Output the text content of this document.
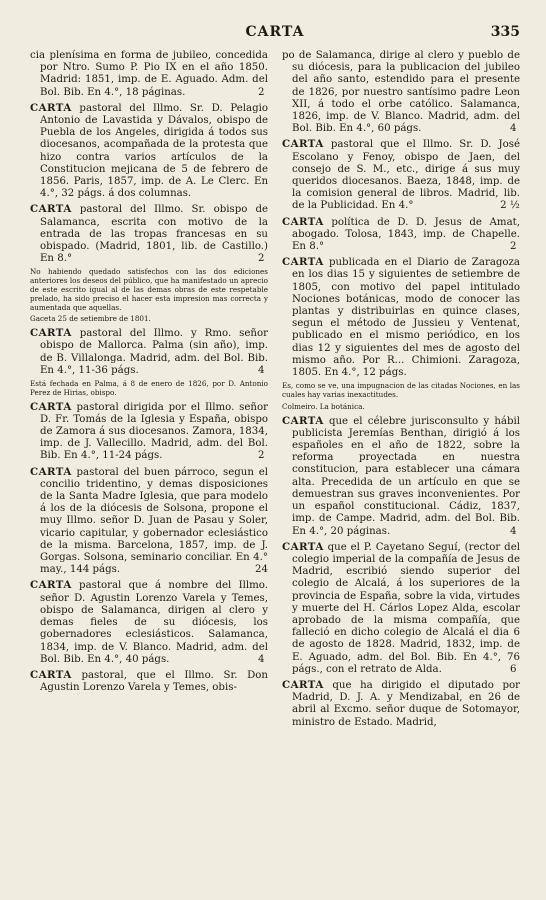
CARTA	335

cia plenísima en forma de jubileo, concedida por Ntro. Sumo P. Pio IX en el año 1850. Madrid: 1851, imp. de E. Aguado. Adm. del Bol. Bib. En 4.°, 18 páginas.	2

CARTA pastoral del Illmo. Sr. D. Pelagio Antonio de Lavastida y Dávalos, obispo de Puebla de los Angeles, dirigida á todos sus diocesanos, acompañada de la protesta que hizo contra varios artículos de la Constitucion mejicana de 5 de febrero de 1856. Paris, 1857, imp. de A. Le Clerc. En 4.°, 32 págs. á dos columnas.

CARTA pastoral del Illmo. Sr. obispo de Salamanca, escrita con motivo de la entrada de las tropas francesas en su obispado. (Madrid, 1801, lib. de Castillo.) En 8.°	2

No habiendo quedado satisfechos con las dos ediciones anteriores los deseos del público, que ha manifestado un aprecio de este escrito igual al de las demas obras de este respetable prelado, ha sido preciso el hacer esta impresion mas correcta y aumentada que aquellas.

Gaceta 25 de setiembre de 1801.

CARTA pastoral del Illmo. y Rmo. señor obispo de Mallorca. Palma (sin año), imp. de B. Villalonga. Madrid, adm. del Bol. Bib. En 4.°, 11-36 págs.	4

Está fechada en Palma, á 8 de enero de 1826, por D. Antonio Perez de Hirias, obispo.

CARTA pastoral dirigida por el Illmo. señor D. Fr. Tomás de la Iglesia y España, obispo de Zamora á sus diocesanos. Zamora, 1834, imp. de J. Vallecillo. Madrid, adm. del Bol. Bib. En 4.°, 11-24 págs.	2

CARTA pastoral del buen párroco, segun el concilio tridentino, y demas disposiciones de la Santa Madre Iglesia, que para modelo á los de la diócesis de Solsona, propone el muy Illmo. señor D. Juan de Pasau y Soler, vicario capitular, y gobernador eclesiástico de la misma. Barcelona, 1857, imp. de J. Gorgas. Solsona, seminario conciliar. En 4.° may., 144 págs.	24

CARTA pastoral que á nombre del Illmo. señor D. Agustin Lorenzo Varela y Temes, obispo de Salamanca, dirigen al clero y demas fieles de su diócesis, los gobernadores eclesiásticos. Salamanca, 1834, imp. de V. Blanco. Madrid, adm. del Bol. Bib. En 4.°, 40 págs.	4

CARTA pastoral, que el Illmo. Sr. Don Agustin Lorenzo Varela y Temes, obis-

po de Salamanca, dirige al clero y pueblo de su diócesis, para la publicacion del jubileo del año santo, estendido para el presente de 1826, por nuestro santísimo padre Leon XII, á todo el orbe católico. Salamanca, 1826, imp. de V. Blanco. Madrid, adm. del Bol. Bib. En 4.°, 60 págs.	4

CARTA pastoral que el Illmo. Sr. D. José Escolano y Fenoy, obispo de Jaen, del consejo de S. M., etc., dirige á sus muy queridos diocesanos. Baeza, 1848, imp. de la comision general de libros. Madrid, lib. de la Publicidad. En 4.°	2 ½

CARTA política de D. D. Jesus de Amat, abogado. Tolosa, 1843, imp. de Chapelle. En 8.°	2

CARTA publicada en el Diario de Zaragoza en los dias 15 y siguientes de setiembre de 1805, con motivo del papel intitulado Nociones botánicas, modo de conocer las plantas y distribuirlas en quince clases, segun el método de Jussieu y Ventenat, publicado en el mismo periódico, en los dias 12 y siguientes del mes de agosto del mismo año. Por R... Chimioni. Zaragoza, 1805. En 4.°, 12 págs.

Es, como se ve, una impugnacion de las citadas Nociones, en las cuales hay varias inexactitudes.

Colmeiro. La botánica.

CARTA que el célebre jurisconsulto y hábil publicista Jeremías Benthan, dirigió á los españoles en el año de 1822, sobre la reforma proyectada en nuestra constitucion, para establecer una cámara alta. Precedida de un artículo en que se demuestran sus graves inconvenientes. Por un español constitucional. Cádiz, 1837, imp. de Campe. Madrid, adm. del Bol. Bib. En 4.°, 20 páginas.	4

CARTA que el P. Cayetano Seguí, (rector del colegio imperial de la compañía de Jesus de Madrid, escribió siendo superior del colegio de Alcalá, á los superiores de la provincia de España, sobre la vida, virtudes y muerte del H. Cárlos Lopez Alda, escolar aprobado de la misma compañía, que falleció en dicho colegio de Alcalá el dia 6 de agosto de 1828. Madrid, 1832, imp. de E. Aguado, adm. del Bol. Bib. En 4.°, 76 págs., con el retrato de Alda.	6

CARTA que ha dirigido el diputado por Madrid, D. J. A. y Mendizabal, en 26 de abril al Excmo. señor duque de Sotomayor, ministro de Estado. Madrid,
